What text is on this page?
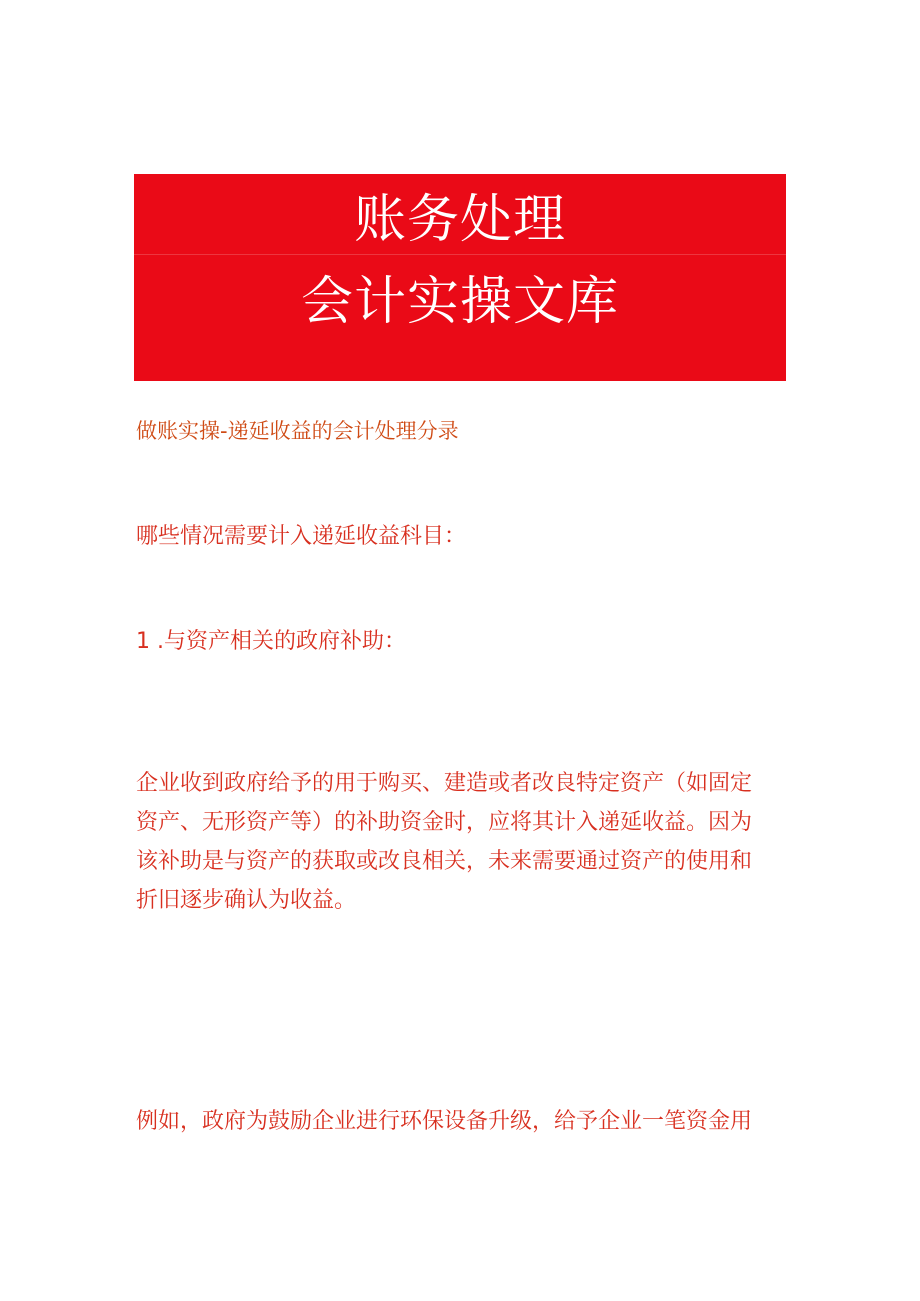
账务处理
会计实操文库
做账实操-递延收益的会计处理分录
哪些情况需要计入递延收益科目：
1 .与资产相关的政府补助：
企业收到政府给予的用于购买、建造或者改良特定资产（如固定
资产、无形资产等）的补助资金时，应将其计入递延收益。因为
该补助是与资产的获取或改良相关，未来需要通过资产的使用和
折旧逐步确认为收益。
例如，政府为鼓励企业进行环保设备升级，给予企业一笔资金用
